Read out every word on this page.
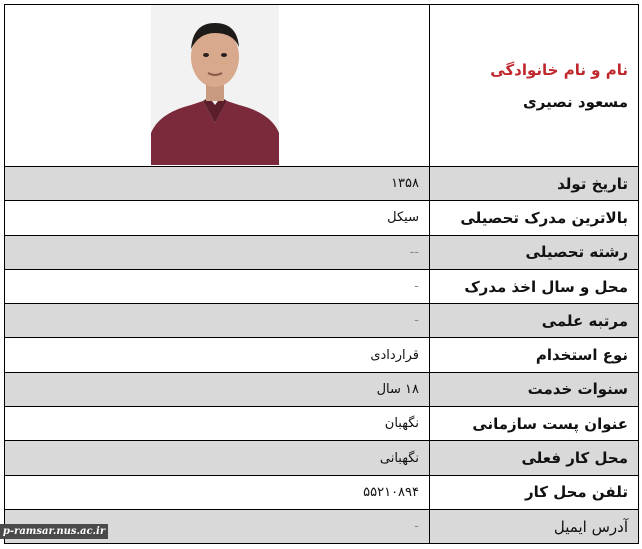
نام و نام خانوادگی
مسعود نصیری

تاریخ تولد	۱۳۵۸
بالاترین مدرک تحصیلی	سیکل
رشته تحصیلی	--
محل و سال اخذ مدرک	-
مرتبه علمی	-
نوع استخدام	قراردادی
سنوات خدمت	۱۸ سال
عنوان پست سازمانی	نگهبان
محل کار فعلی	نگهبانی
تلفن محل کار	۵۵۲۱۰۸۹۴
آدرس ایمیل	-
p-ramsar.nus.ac.ir
